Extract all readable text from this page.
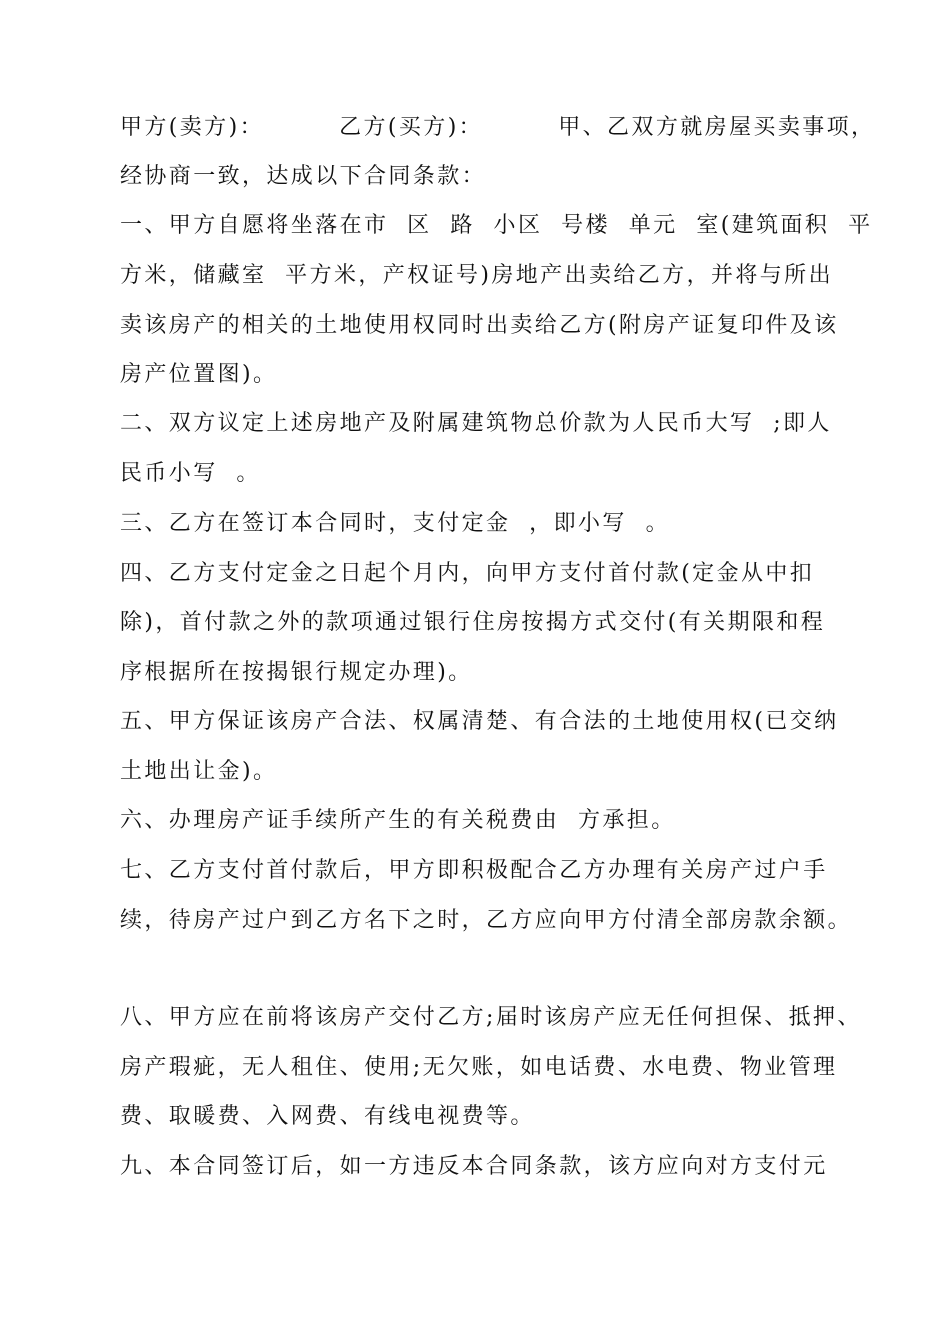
甲方(卖方)：        乙方(买方)：        甲、乙双方就房屋买卖事项，
经协商一致，达成以下合同条款：
一、甲方自愿将坐落在市  区  路  小区  号楼  单元  室(建筑面积  平
方米，储藏室  平方米，产权证号)房地产出卖给乙方，并将与所出
卖该房产的相关的土地使用权同时出卖给乙方(附房产证复印件及该
房产位置图)。
二、双方议定上述房地产及附属建筑物总价款为人民币大写  ;即人
民币小写  。
三、乙方在签订本合同时，支付定金  ，即小写  。
四、乙方支付定金之日起个月内，向甲方支付首付款(定金从中扣
除)，首付款之外的款项通过银行住房按揭方式交付(有关期限和程
序根据所在按揭银行规定办理)。
五、甲方保证该房产合法、权属清楚、有合法的土地使用权(已交纳
土地出让金)。
六、办理房产证手续所产生的有关税费由  方承担。
七、乙方支付首付款后，甲方即积极配合乙方办理有关房产过户手
续，待房产过户到乙方名下之时，乙方应向甲方付清全部房款余额。
八、甲方应在前将该房产交付乙方;届时该房产应无任何担保、抵押、
房产瑕疵，无人租住、使用;无欠账，如电话费、水电费、物业管理
费、取暖费、入网费、有线电视费等。
九、本合同签订后，如一方违反本合同条款，该方应向对方支付元
